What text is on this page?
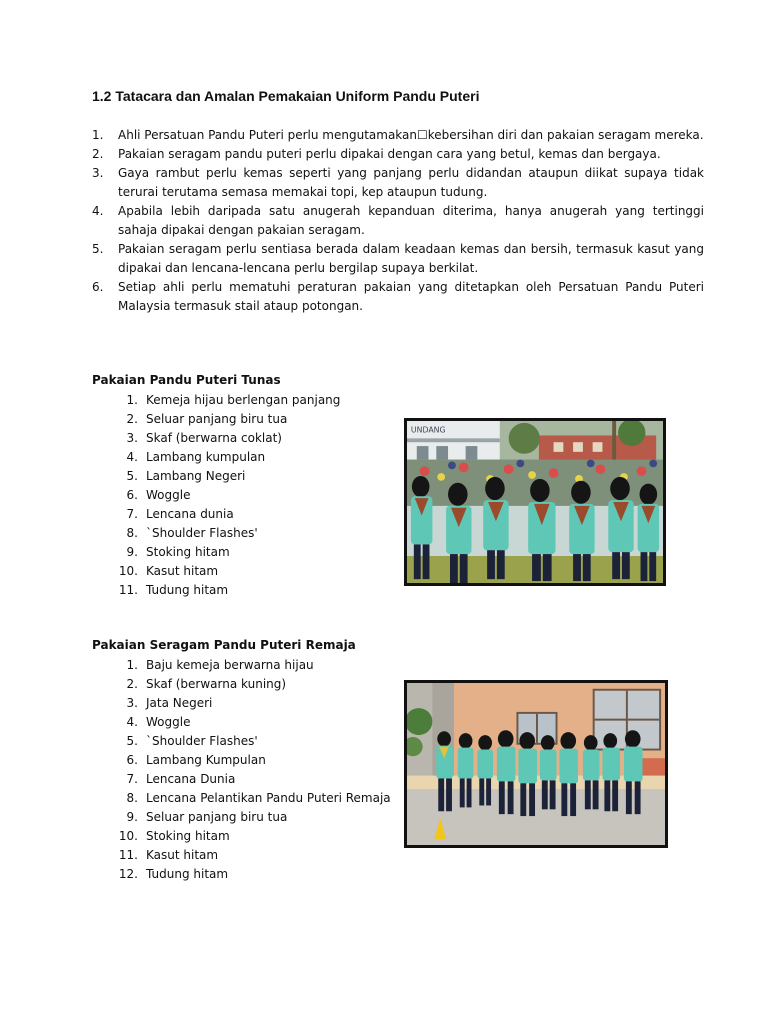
1.2 Tatacara dan Amalan Pemakaian Uniform Pandu Puteri
1.	Ahli Persatuan Pandu Puteri perlu mengutamakan☐kebersihan diri dan pakaian seragam mereka.
2.	Pakaian seragam pandu puteri perlu dipakai dengan cara yang betul, kemas dan bergaya.
3.	Gaya rambut perlu kemas seperti yang panjang perlu didandan ataupun diikat supaya tidak terurai terutama semasa memakai topi, kep ataupun tudung.
4.	Apabila lebih daripada satu anugerah kepanduan diterima, hanya anugerah yang tertinggi sahaja dipakai dengan pakaian seragam.
5.	Pakaian seragam perlu sentiasa berada dalam keadaan kemas dan bersih, termasuk kasut yang dipakai dan lencana-lencana perlu bergilap supaya berkilat.
6.	Setiap ahli perlu mematuhi peraturan pakaian yang ditetapkan oleh Persatuan Pandu Puteri Malaysia termasuk stail ataup potongan.
Pakaian Pandu Puteri Tunas
1. Kemeja hijau berlengan panjang
2. Seluar panjang biru tua
3. Skaf (berwarna coklat)
4. Lambang kumpulan
5. Lambang Negeri
6. Woggle
7. Lencana dunia
8. `Shoulder Flashes'
9. Stoking hitam
10. Kasut hitam
11. Tudung hitam
UNDANG
Pakaian Seragam Pandu Puteri Remaja
1. Baju kemeja berwarna hijau
2. Skaf (berwarna kuning)
3. Jata Negeri
4. Woggle
5. `Shoulder Flashes'
6. Lambang Kumpulan
7. Lencana Dunia
8. Lencana Pelantikan Pandu Puteri Remaja
9. Seluar panjang biru tua
10. Stoking hitam
11. Kasut hitam
12. Tudung hitam
